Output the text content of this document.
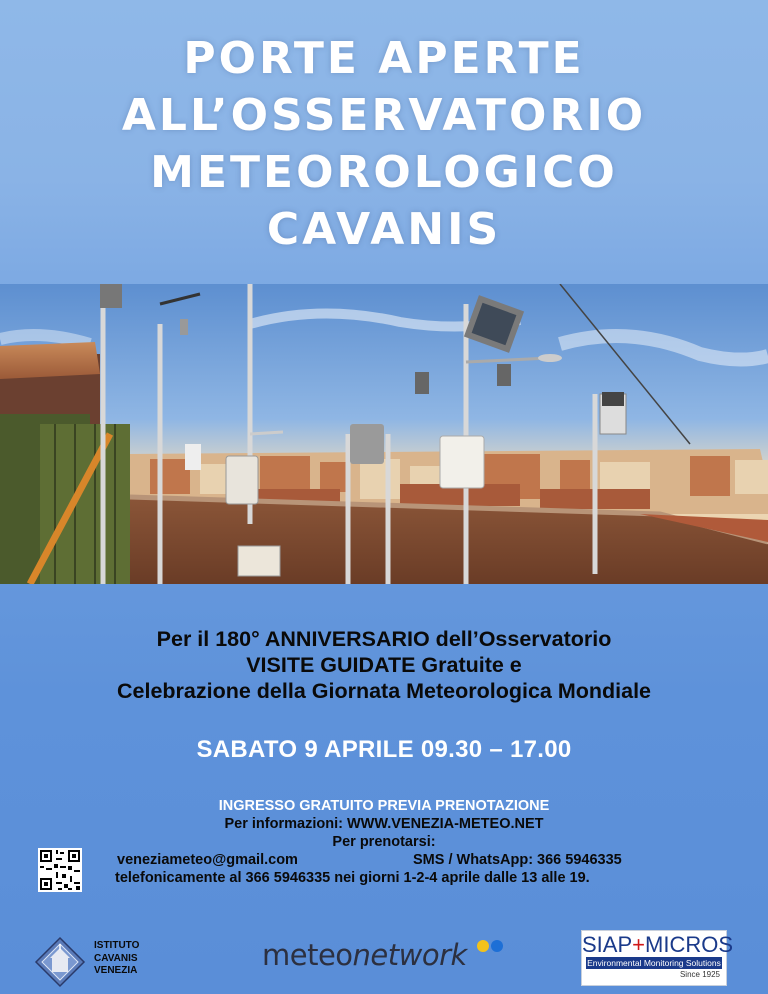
PORTE APERTE
ALL’OSSERVATORIO
METEOROLOGICO
CAVANIS
Per il 180° ANNIVERSARIO dell’Osservatorio
VISITE GUIDATE Gratuite e
Celebrazione della Giornata Meteorologica Mondiale
SABATO 9 APRILE 09.30 – 17.00
INGRESSO GRATUITO PREVIA PRENOTAZIONE
Per informazioni: WWW.VENEZIA-METEO.NET
Per prenotarsi:
veneziameteo@gmail.com	SMS / WhatsApp: 366 5946335
telefonicamente al 366 5946335 nei giorni 1-2-4 aprile dalle 13 alle 19.
ISTITUTO
CAVANIS
VENEZIA	meteonetwork	SIAP+MICROS
Environmental Monitoring Solutions
Since 1925
